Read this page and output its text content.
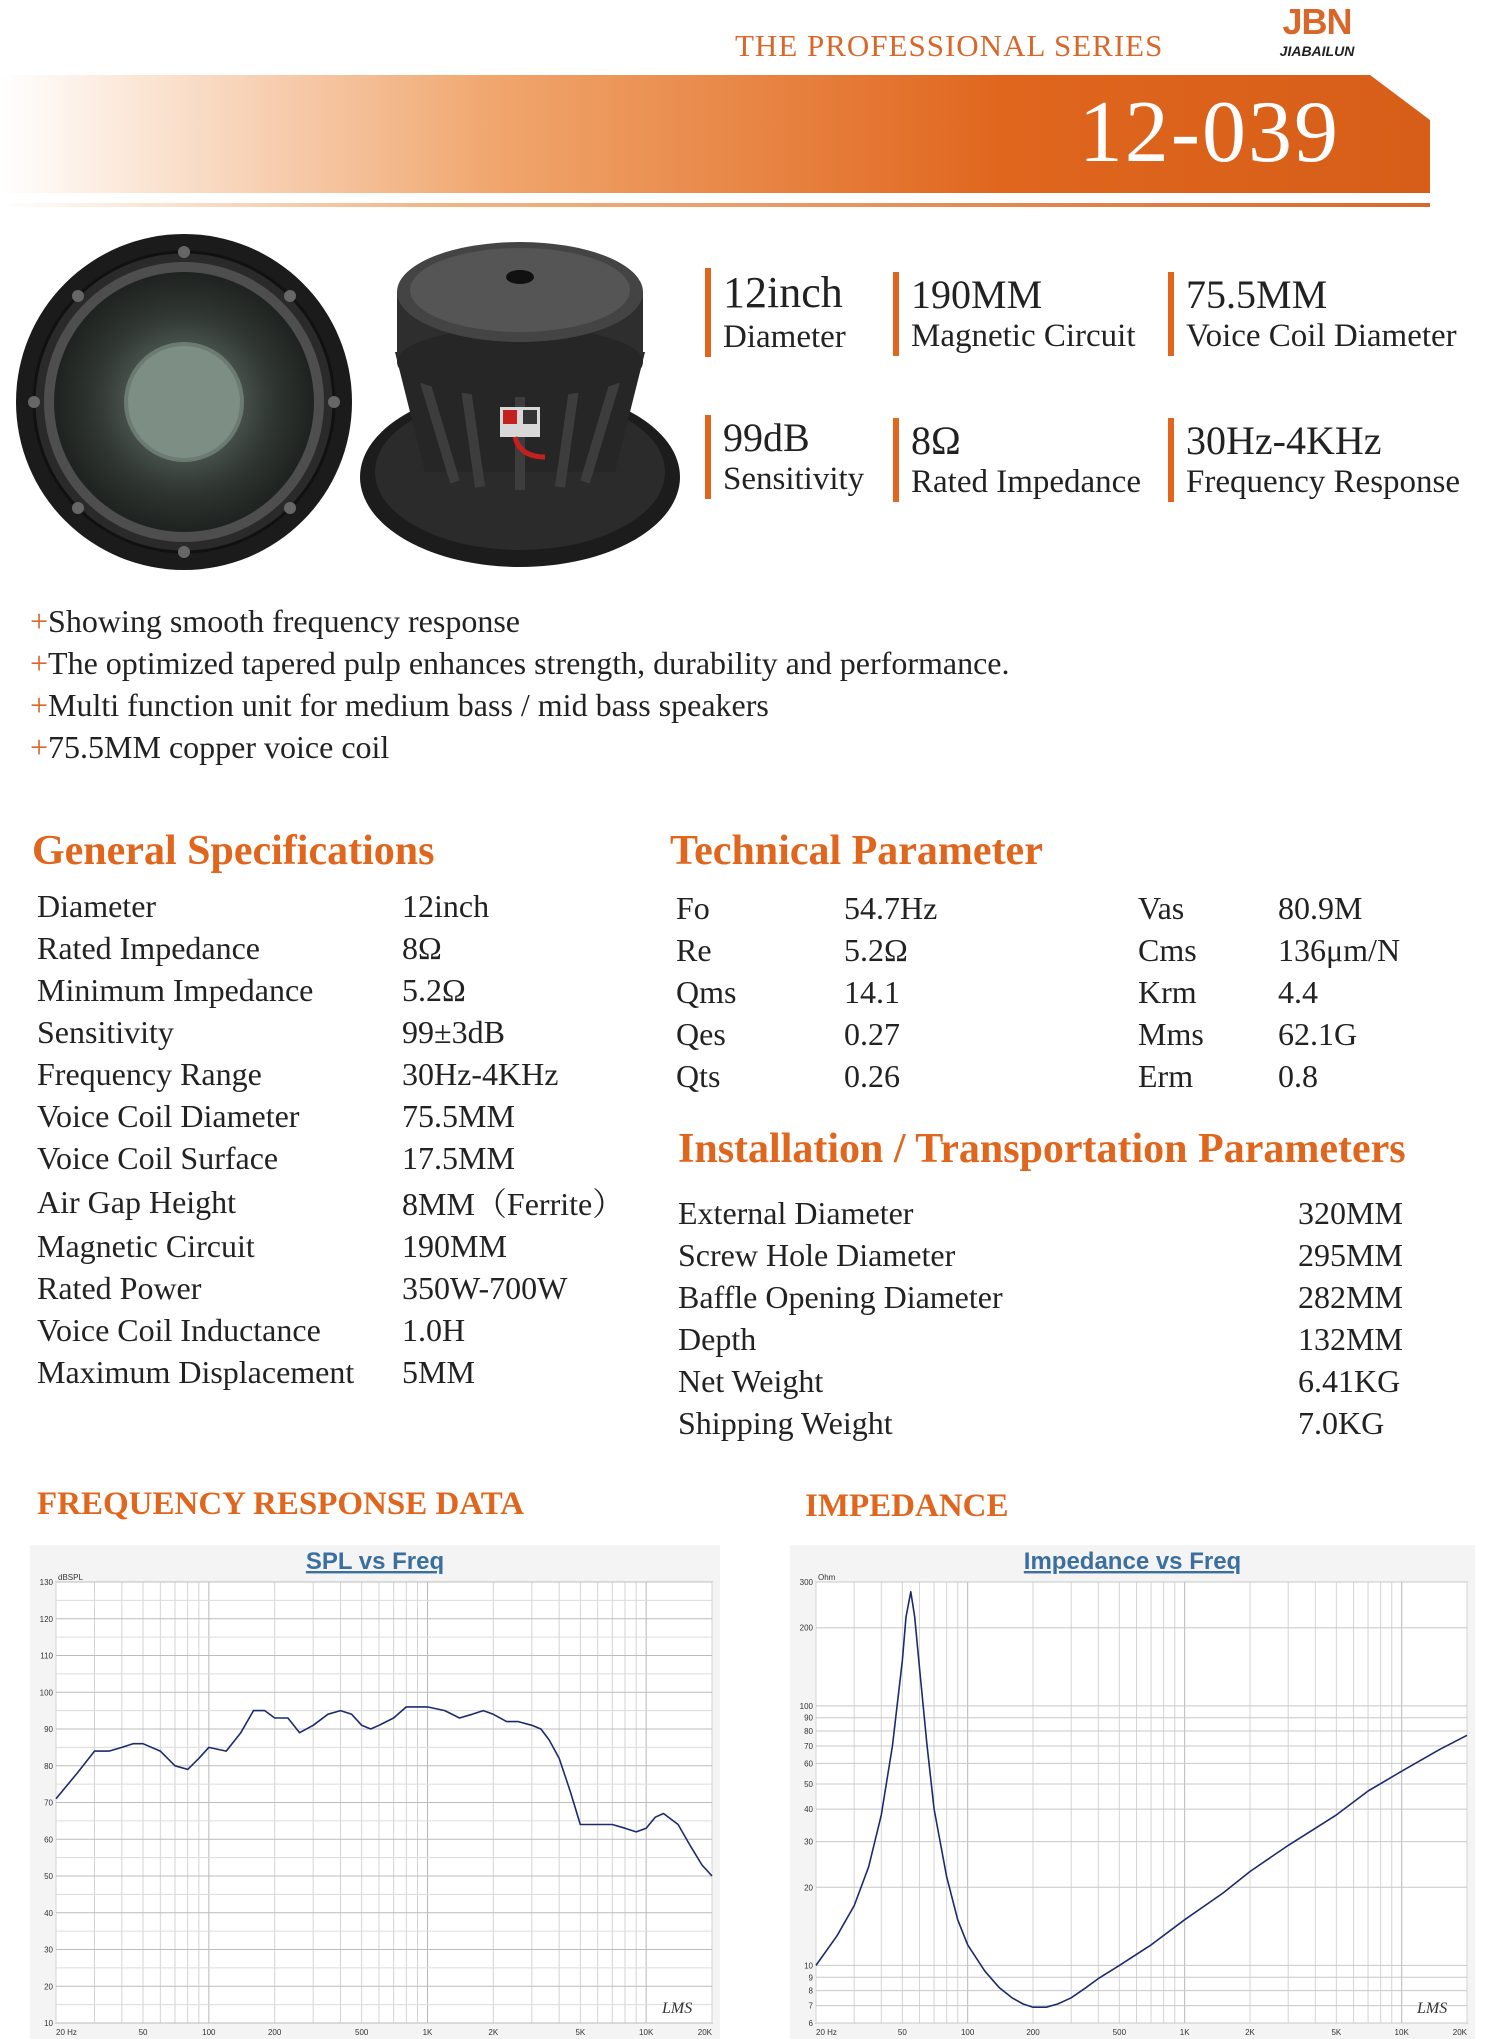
THE PROFESSIONAL SERIES
JBN
JIABAILUN
12-039
12inch
Diameter
190MM
Magnetic Circuit
75.5MM
Voice Coil Diameter
99dB
Sensitivity
8Ω
Rated Impedance
30Hz-4KHz
Frequency Response
+Showing smooth frequency response
+The optimized tapered pulp enhances strength, durability and performance.
+Multi function unit for medium bass / mid bass speakers
+75.5MM copper voice coil
General Specifications
Diameter	12inch
Rated Impedance	8Ω
Minimum Impedance	5.2Ω
Sensitivity	99±3dB
Frequency Range	30Hz-4KHz
Voice Coil Diameter	75.5MM
Voice Coil Surface	17.5MM
Air Gap Height	8MM（Ferrite）
Magnetic Circuit	190MM
Rated Power	350W-700W
Voice Coil Inductance	1.0H
Maximum Displacement	5MM
Technical Parameter
Fo	54.7Hz	Vas	80.9M
Re	5.2Ω	Cms	136μm/N
Qms	14.1	Krm	4.4
Qes	0.27	Mms	62.1G
Qts	0.26	Erm	0.8
Installation / Transportation Parameters
External Diameter	320MM
Screw Hole Diameter	295MM
Baffle Opening Diameter	282MM
Depth	132MM
Net Weight	6.41KG
Shipping Weight	7.0KG
FREQUENCY RESPONSE DATA	IMPEDANCE
10
20
30
40
50
60
70
80
90
100
110
120
130
20 Hz	50	100	200	500	1K	2K	5K	10K	20K
dBSPL
SPL vs Freq
LMS
6
7
8
9
10
20
30
40
50
60
70
80
90
100
200
300
20 Hz	50	100	200	500	1K	2K	5K	10K	20K
Ohm
Impedance vs Freq
LMS
